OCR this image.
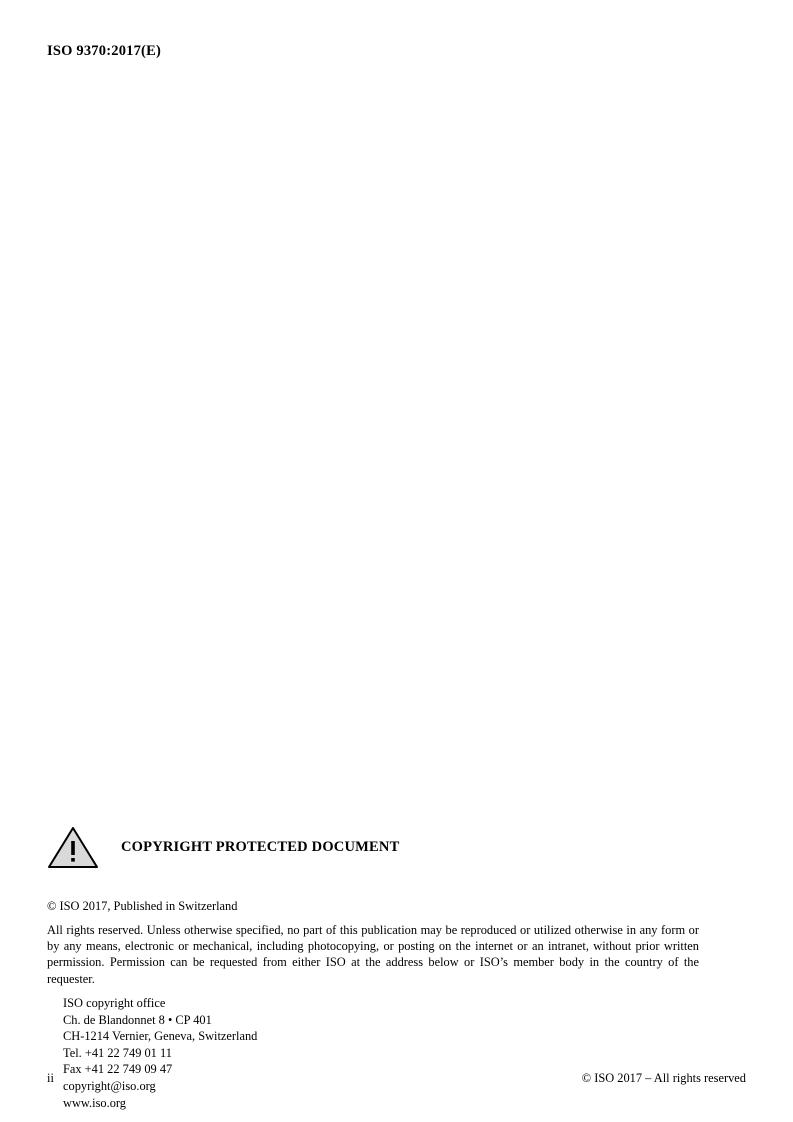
ISO 9370:2017(E)
COPYRIGHT PROTECTED DOCUMENT
© ISO 2017, Published in Switzerland
All rights reserved. Unless otherwise specified, no part of this publication may be reproduced or utilized otherwise in any form or by any means, electronic or mechanical, including photocopying, or posting on the internet or an intranet, without prior written permission. Permission can be requested from either ISO at the address below or ISO’s member body in the country of the requester.
ISO copyright office
Ch. de Blandonnet 8 • CP 401
CH-1214 Vernier, Geneva, Switzerland
Tel. +41 22 749 01 11
Fax +41 22 749 09 47
copyright@iso.org
www.iso.org
ii	© ISO 2017 – All rights reserved
